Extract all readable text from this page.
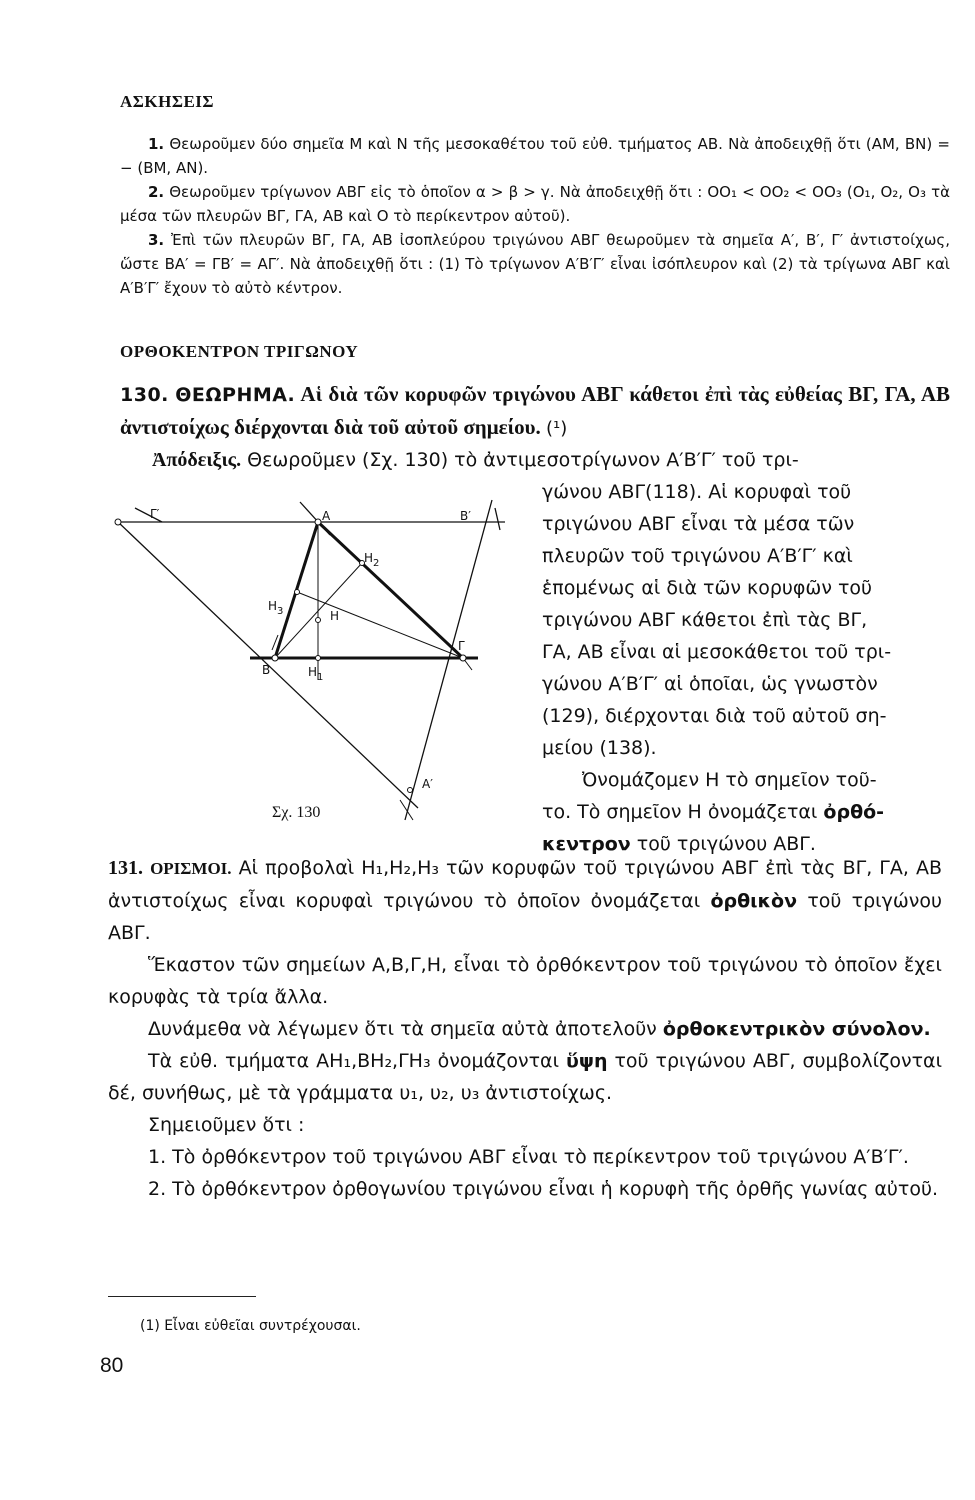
ΑΣΚΗΣΕΙΣ

1. Θεωροῦμεν δύο σημεῖα M καὶ N τῆς μεσοκαθέτου τοῦ εὐθ. τμήματος AB. Νὰ ἀποδειχθῇ ὅτι (AM, BN) = − (BM, AN).

2. Θεωροῦμεν τρίγωνον ΑΒΓ εἰς τὸ ὁποῖον α > β > γ. Νὰ ἀποδειχθῇ ὅτι : OO₁ < OO₂ < OO₃ (O₁, O₂, O₃ τὰ μέσα τῶν πλευρῶν ΒΓ, ΓΑ, ΑΒ καὶ O τὸ περίκεντρον αὐτοῦ).

3. Ἐπὶ τῶν πλευρῶν ΒΓ, ΓΑ, ΑΒ ἰσοπλεύρου τριγώνου ΑΒΓ θεωροῦμεν τὰ σημεῖα Α′, Β′, Γ′ ἀντιστοίχως, ὥστε ΒΑ′ = ΓΒ′ = ΑΓ′. Νὰ ἀποδειχθῇ ὅτι : (1) Τὸ τρίγωνον Α′Β′Γ′ εἶναι ἰσόπλευρον καὶ (2) τὰ τρίγωνα ΑΒΓ καὶ Α′Β′Γ′ ἔχουν τὸ αὐτὸ κέντρον.

ΟΡΘΟΚΕΝΤΡΟΝ ΤΡΙΓΩΝΟΥ
130. ΘΕΩΡΗΜΑ. Αἱ διὰ τῶν κορυφῶν τριγώνου ΑΒΓ κάθετοι ἐπὶ τὰς εὐθείας ΒΓ, ΓΑ, ΑΒ ἀντιστοίχως διέρχονται διὰ τοῦ αὐτοῦ σημείου. (¹)
Ἀπόδειξις. Θεωροῦμεν (Σχ. 130) τὸ ἀντιμεσοτρίγωνον Α′Β′Γ′ τοῦ τρι-
γώνου ΑΒΓ(118). Αἱ κορυφαὶ τοῦ
τριγώνου ΑΒΓ εἶναι τὰ μέσα τῶν
πλευρῶν τοῦ τριγώνου Α′Β′Γ′ καὶ
ἑπομένως αἱ διὰ τῶν κορυφῶν τοῦ
τριγώνου ΑΒΓ κάθετοι ἐπὶ τὰς ΒΓ,
ΓΑ, ΑΒ εἶναι αἱ μεσοκάθετοι τοῦ τρι-
γώνου Α′Β′Γ′ αἱ ὁποῖαι, ὡς γνωστὸν
(129), διέρχονται διὰ τοῦ αὐτοῦ ση-
μείου (138).
Ὀνομάζομεν Η τὸ σημεῖον τοῦ-
το. Τὸ σημεῖον Η ὀνομάζεται ὀρθό-
κεντρον τοῦ τριγώνου ΑΒΓ.
Γ′	A	B′
$H_2$
$H_3$	H
Γ
B	$H_1$
A′
Σχ. 130

131. ΟΡΙΣΜΟΙ. Αἱ προβολαὶ H₁,H₂,H₃ τῶν κορυφῶν τοῦ τριγώνου ΑΒΓ ἐπὶ τὰς ΒΓ, ΓΑ, ΑΒ ἀντιστοίχως εἶναι κορυφαὶ τριγώνου τὸ ὁποῖον ὀνομάζεται ὀρθικὸν τοῦ τριγώνου ΑΒΓ.

Ἕκαστον τῶν σημείων Α,Β,Γ,Η, εἶναι τὸ ὀρθόκεντρον τοῦ τριγώνου τὸ ὁποῖον ἔχει κορυφὰς τὰ τρία ἄλλα.

Δυνάμεθα νὰ λέγωμεν ὅτι τὰ σημεῖα αὐτὰ ἀποτελοῦν ὀρθοκεντρικὸν σύνολον.

Τὰ εὐθ. τμήματα ΑH₁,ΒH₂,ΓH₃ ὀνομάζονται ὕψη τοῦ τριγώνου ΑΒΓ, συμβολίζονται δέ, συνήθως, μὲ τὰ γράμματα υ₁, υ₂, υ₃ ἀντιστοίχως.

Σημειοῦμεν ὅτι :

1. Τὸ ὀρθόκεντρον τοῦ τριγώνου ΑΒΓ εἶναι τὸ περίκεντρον τοῦ τριγώνου Α′Β′Γ′.

2. Τὸ ὀρθόκεντρον ὀρθογωνίου τριγώνου εἶναι ἡ κορυφὴ τῆς ὀρθῆς γωνίας αὐτοῦ.

(1) Εἶναι εὐθεῖαι συντρέχουσαι.
80
